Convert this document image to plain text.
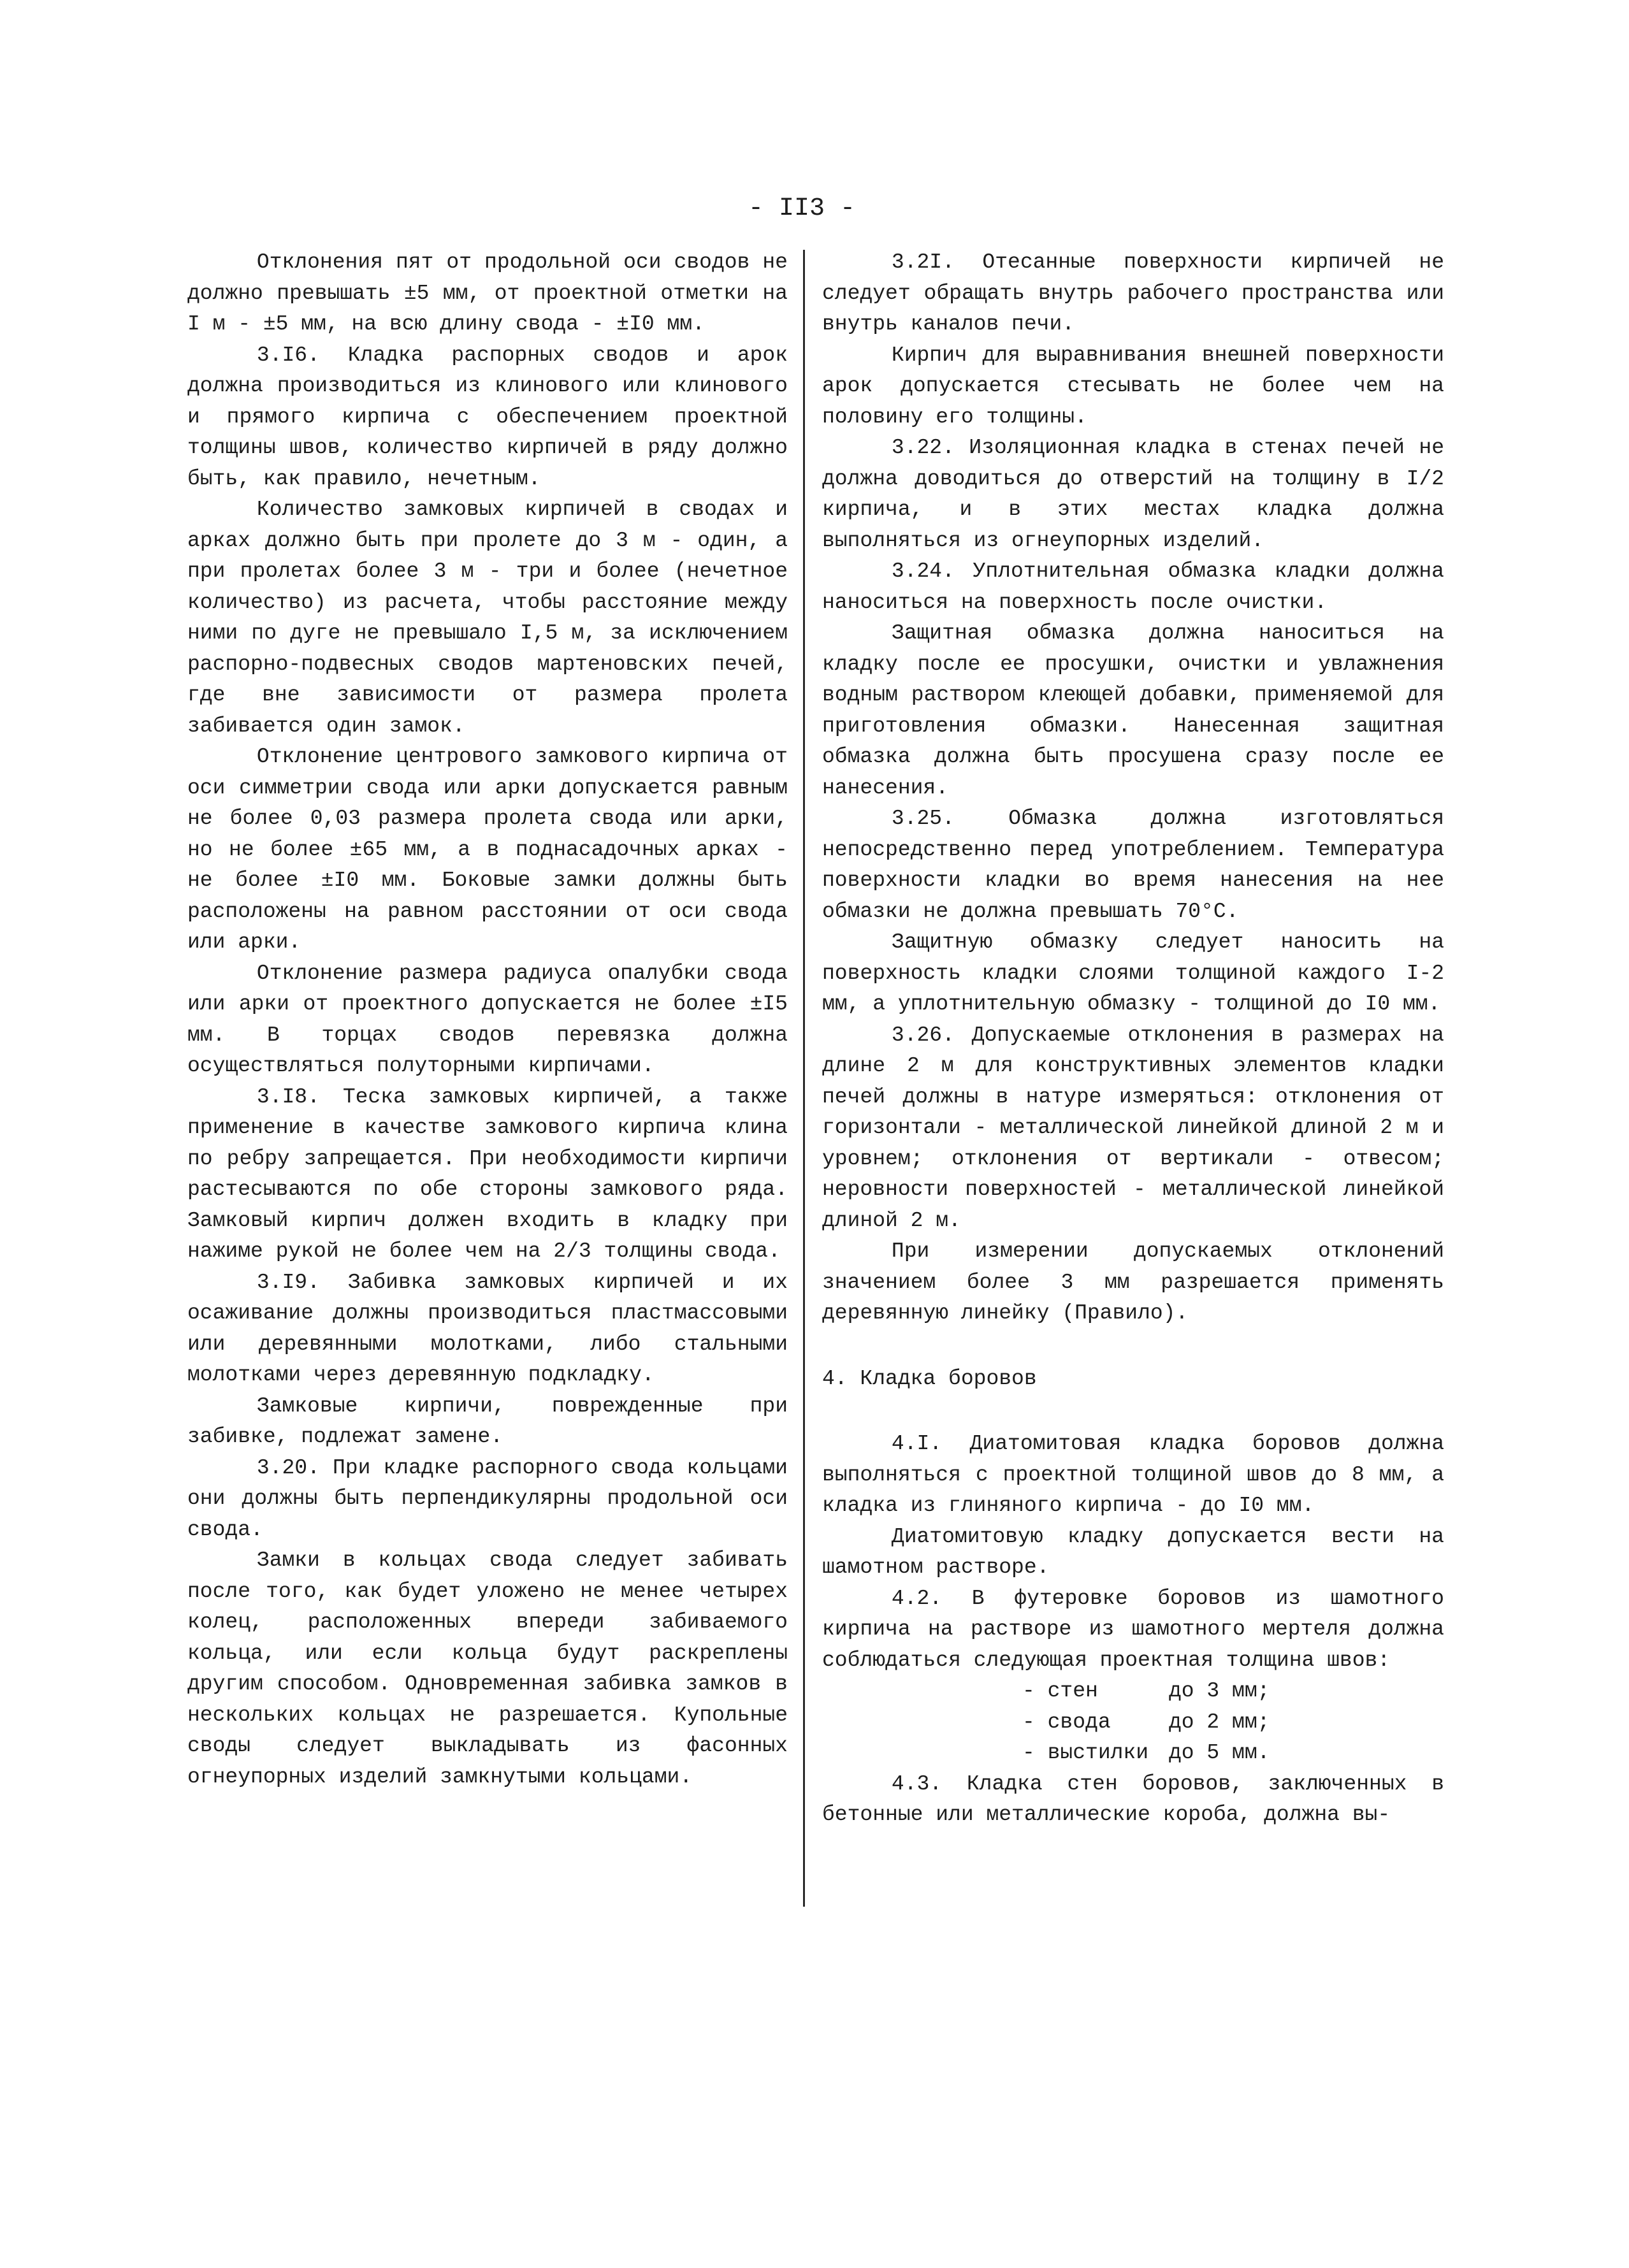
- II3 -

Отклонения пят от продольной оси сводов не должно превышать ±5 мм, от проектной отметки на I м - ±5 мм, на всю длину свода - ±I0 мм.

3.I6. Кладка распорных сводов и арок должна производиться из клинового или клинового и прямого кирпича с обеспечением проектной толщины швов, количество кирпичей в ряду должно быть, как правило, нечетным.

Количество замковых кирпичей в сводах и арках должно быть при пролете до 3 м - один, а при пролетах более 3 м - три и более (нечетное количество) из расчета, чтобы расстояние между ними по дуге не превышало I,5 м, за исключением распорно-подвесных сводов мартеновских печей, где вне зависимости от размера пролета забивается один замок.

Отклонение центрового замкового кирпича от оси симметрии свода или арки допускается равным не более 0,03 размера пролета свода или арки, но не более ±65 мм, а в поднасадочных арках - не более ±I0 мм. Боковые замки должны быть расположены на равном расстоянии от оси свода или арки.

Отклонение размера радиуса опалубки свода или арки от проектного допускается не более ±I5 мм. В торцах сводов перевязка должна осуществляться полуторными кирпичами.

3.I8. Теска замковых кирпичей, а также применение в качестве замкового кирпича клина по ребру запрещается. При необходимости кирпичи растесываются по обе стороны замкового ряда. Замковый кирпич должен входить в кладку при нажиме рукой не более чем на 2/3 толщины свода.

3.I9. Забивка замковых кирпичей и их осаживание должны производиться пластмассовыми или деревянными молотками, либо стальными молотками через деревянную подкладку.

Замковые кирпичи, поврежденные при забивке, подлежат замене.

3.20. При кладке распорного свода кольцами они должны быть перпендикулярны продольной оси свода.

Замки в кольцах свода следует забивать после того, как будет уложено не менее четырех колец, расположенных впереди забиваемого кольца, или если кольца будут раскреплены другим способом. Одновременная забивка замков в нескольких кольцах не разрешается. Купольные своды следует выкладывать из фасонных огнеупорных изделий замкнутыми кольцами.

3.2I. Отесанные поверхности кирпичей не следует обращать внутрь рабочего пространства или внутрь каналов печи.

Кирпич для выравнивания внешней поверхности арок допускается стесывать не более чем на половину его толщины.

3.22. Изоляционная кладка в стенах печей не должна доводиться до отверстий на толщину в I/2 кирпича, и в этих местах кладка должна выполняться из огнеупорных изделий.

3.24. Уплотнительная обмазка кладки должна наноситься на поверхность после очистки.

Защитная обмазка должна наноситься на кладку после ее просушки, очистки и увлажнения водным раствором клеющей добавки, применяемой для приготовления обмазки. Нанесенная защитная обмазка должна быть просушена сразу после ее нанесения.

3.25. Обмазка должна изготовляться непосредственно перед употреблением. Температура поверхности кладки во время нанесения на нее обмазки не должна превышать 70°С.

Защитную обмазку следует наносить на поверхность кладки слоями толщиной каждого I-2 мм, а уплотнительную обмазку - толщиной до I0 мм.

3.26. Допускаемые отклонения в размерах на длине 2 м для конструктивных элементов кладки печей должны в натуре измеряться: отклонения от горизонтали - металлической линейкой длиной 2 м и уровнем; отклонения от вертикали - отвесом; неровности поверхностей - металлической линейкой длиной 2 м.

При измерении допускаемых отклонений значением более 3 мм разрешается применять деревянную линейку (Правило).

4. Кладка боровов

4.I. Диатомитовая кладка боровов должна выполняться с проектной толщиной швов до 8 мм, а кладка из глиняного кирпича - до I0 мм.

Диатомитовую кладку допускается вести на шамотном растворе.

4.2. В футеровке боровов из шамотного кирпича на растворе из шамотного мертеля должна соблюдаться следующая проектная толщина швов:

- стен	до 3 мм;
- свода	до 2 мм;
- выстилки до 5 мм.

4.3. Кладка стен боровов, заключенных в бетонные или металлические короба, должна вы-
